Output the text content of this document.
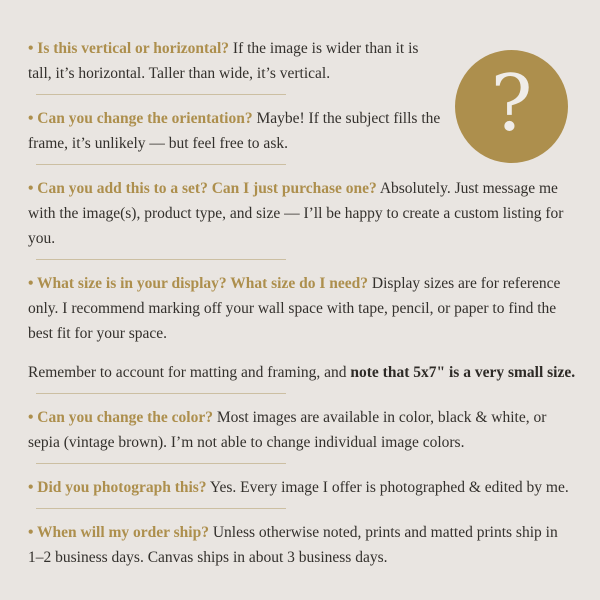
?

• Is this vertical or horizontal? If the image is wider than it is tall, it’s horizontal. Taller than wide, it’s vertical.

• Can you change the orientation? Maybe! If the subject fills the frame, it’s unlikely — but feel free to ask.

• Can you add this to a set? Can I just purchase one? Absolutely. Just message me with the image(s), product type, and size — I’ll be happy to create a custom listing for you.

• What size is in your display? What size do I need? Display sizes are for reference only. I recommend marking off your wall space with tape, pencil, or paper to find the best fit for your space.

Remember to account for matting and framing, and note that 5x7" is a very small size.

• Can you change the color? Most images are available in color, black & white, or sepia (vintage brown). I’m not able to change individual image colors.

• Did you photograph this? Yes. Every image I offer is photographed & edited by me.

• When will my order ship? Unless otherwise noted, prints and matted prints ship in 1–2 business days. Canvas ships in about 3 business days.
